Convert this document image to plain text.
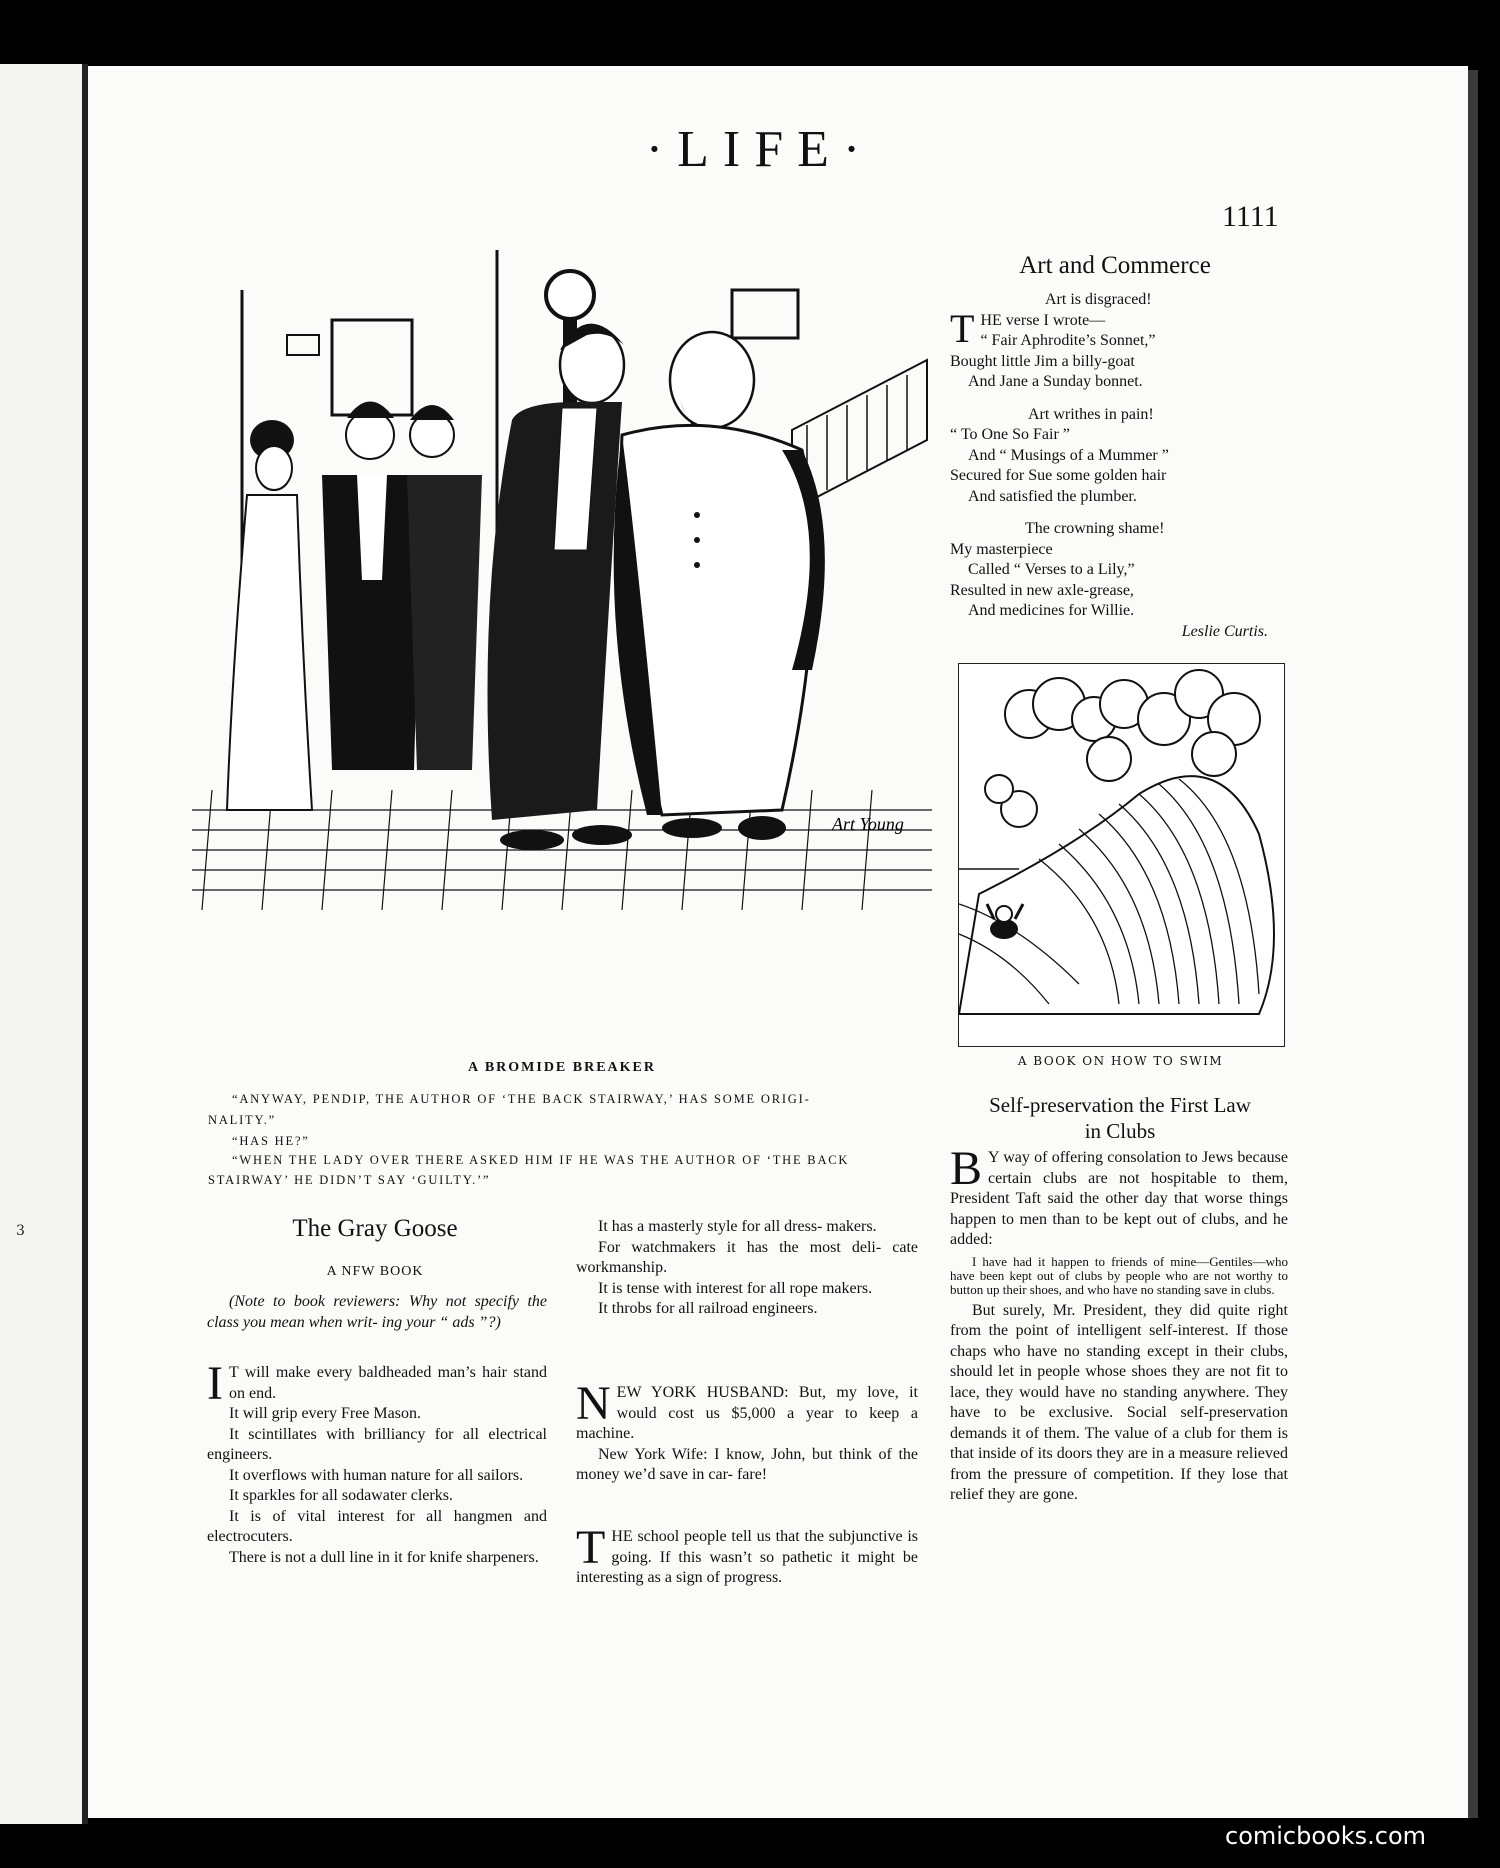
·LIFE·
1111
Art Young
A BROMIDE BREAKER
“ANYWAY, PENDIP, THE AUTHOR OF ‘THE BACK STAIRWAY,’ HAS SOME ORIGI-
NALITY.”
“HAS HE?”
“WHEN THE LADY OVER THERE ASKED HIM IF HE WAS THE AUTHOR OF ‘THE BACK
STAIRWAY’ HE DIDN’T SAY ‘GUILTY.’”
The Gray Goose
A NFW BOOK
(Note to book reviewers: Why not specify the class you mean when writ- ing your “ ads ”?)
I T will make every baldheaded man’s hair stand on end.

It will grip every Free Mason.

It scintillates with brilliancy for all electrical engineers.

It overflows with human nature for all sailors.

It sparkles for all sodawater clerks.

It is of vital interest for all hangmen and electrocuters.

There is not a dull line in it for knife sharpeners.

It has a masterly style for all dress- makers.

For watchmakers it has the most deli- cate workmanship.

It is tense with interest for all rope makers.

It throbs for all railroad engineers.

N EW YORK HUSBAND: But, my love, it would cost us $5,000 a year to keep a machine.

New York Wife: I know, John, but think of the money we’d save in car- fare!

T HE school people tell us that the subjunctive is going. If this wasn’t so pathetic it might be interesting as a sign of progress.

Art and Commerce
Art is disgraced!
THE verse I wrote—
“ Fair Aphrodite’s Sonnet,”
Bought little Jim a billy-goat
And Jane a Sunday bonnet.
Art writhes in pain!
“ To One So Fair ”
And “ Musings of a Mummer ”
Secured for Sue some golden hair
And satisfied the plumber.
The crowning shame!
My masterpiece
Called “ Verses to a Lily,”
Resulted in new axle-grease,
And medicines for Willie.
Leslie Curtis.
A BOOK ON HOW TO SWIM
Self-preservation the First Law
in Clubs
B Y way of offering consolation to Jews because certain clubs are not hospitable to them, President Taft said the other day that worse things happen to men than to be kept out of clubs, and he added:

I have had it happen to friends of mine—Gentiles—who have been kept out of clubs by people who are not worthy to button up their shoes, and who have no standing save in clubs.

But surely, Mr. President, they did quite right from the point of intelligent self-interest. If those chaps who have no standing except in their clubs, should let in people whose shoes they are not fit to lace, they would have no standing anywhere. They have to be exclusive. Social self-preservation demands it of them. The value of a club for them is that inside of its doors they are in a measure relieved from the pressure of competition. If they lose that relief they are gone.

3
comicbooks.com
